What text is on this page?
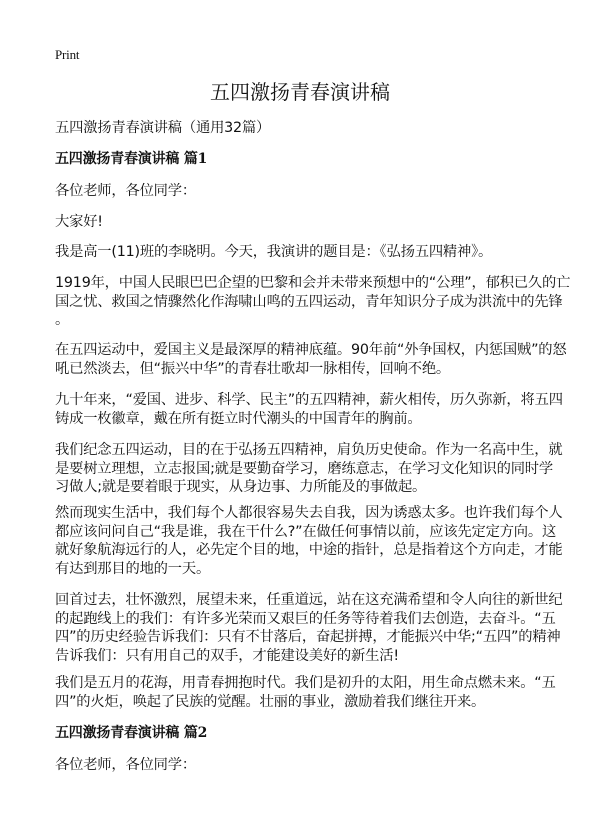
Print
五四激扬青春演讲稿
五四激扬青春演讲稿（通用32篇）
五四激扬青春演讲稿 篇1
各位老师，各位同学：
大家好!
我是高一(11)班的李晓明。今天，我演讲的题目是：《弘扬五四精神》。
1919年，中国人民眼巴巴企望的巴黎和会并未带来预想中的“公理”，郁积已久的亡
国之忧、救国之情骤然化作海啸山鸣的五四运动，青年知识分子成为洪流中的先锋
。
在五四运动中，爱国主义是最深厚的精神底蕴。90年前“外争国权，内惩国贼”的怒
吼已然淡去，但“振兴中华”的青春壮歌却一脉相传，回响不绝。
九十年来，“爱国、进步、科学、民主”的五四精神，薪火相传，历久弥新，将五四
铸成一枚徽章，戴在所有挺立时代潮头的中国青年的胸前。
我们纪念五四运动，目的在于弘扬五四精神，肩负历史使命。作为一名高中生，就
是要树立理想，立志报国;就是要勤奋学习，磨练意志，在学习文化知识的同时学
习做人;就是要着眼于现实，从身边事、力所能及的事做起。
然而现实生活中，我们每个人都很容易失去自我，因为诱惑太多。也许我们每个人
都应该问问自己“我是谁，我在干什么?”在做任何事情以前，应该先定定方向。这
就好象航海远行的人，必先定个目的地，中途的指针，总是指着这个方向走，才能
有达到那目的地的一天。
回首过去，壮怀激烈，展望未来，任重道远，站在这充满希望和令人向往的新世纪
的起跑线上的我们：有许多光荣而又艰巨的任务等待着我们去创造，去奋斗。“五
四”的历史经验告诉我们：只有不甘落后，奋起拼搏，才能振兴中华;“五四”的精神
告诉我们：只有用自己的双手，才能建设美好的新生活!
我们是五月的花海，用青春拥抱时代。我们是初升的太阳，用生命点燃未来。“五
四”的火炬，唤起了民族的觉醒。壮丽的事业，激励着我们继往开来。
五四激扬青春演讲稿 篇2
各位老师，各位同学：
